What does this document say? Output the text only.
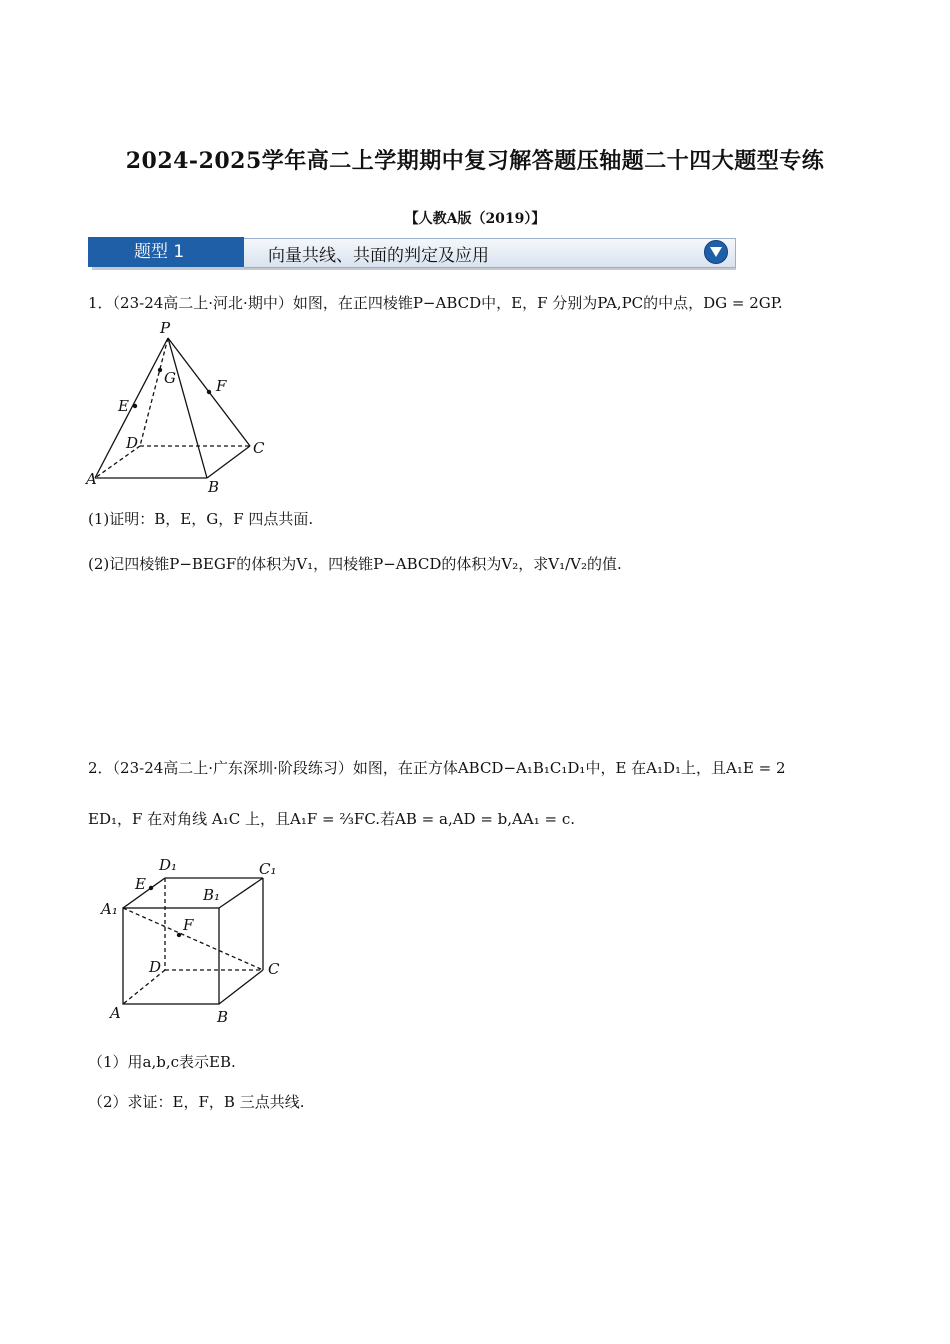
2024-2025学年高二上学期期中复习解答题压轴题二十四大题型专练
【人教A版（2019）】
题型 1	向量共线、共面的判定及应用
1．（23-24高二上·河北·期中）如图，在正四棱锥P−ABCD中，E，F 分别为PA,PC的中点，DG = 2GP.
P
G	F
E
D	C
A	B
(1)证明：B，E，G，F 四点共面.
(2)记四棱锥P−BEGF的体积为V₁，四棱锥P−ABCD的体积为V₂，求V₁/V₂的值.
2．（23-24高二上·广东深圳·阶段练习）如图，在正方体ABCD−A₁B₁C₁D₁中，E 在A₁D₁上，且A₁E = 2
ED₁，F 在对角线 A₁C 上，且A₁F = ⅔FC.若AB = a,AD = b,AA₁ = c.
D₁	C₁
E
B₁
A₁
F
D	C
A	B
（1）用a,b,c表示EB.
（2）求证：E，F，B 三点共线.
